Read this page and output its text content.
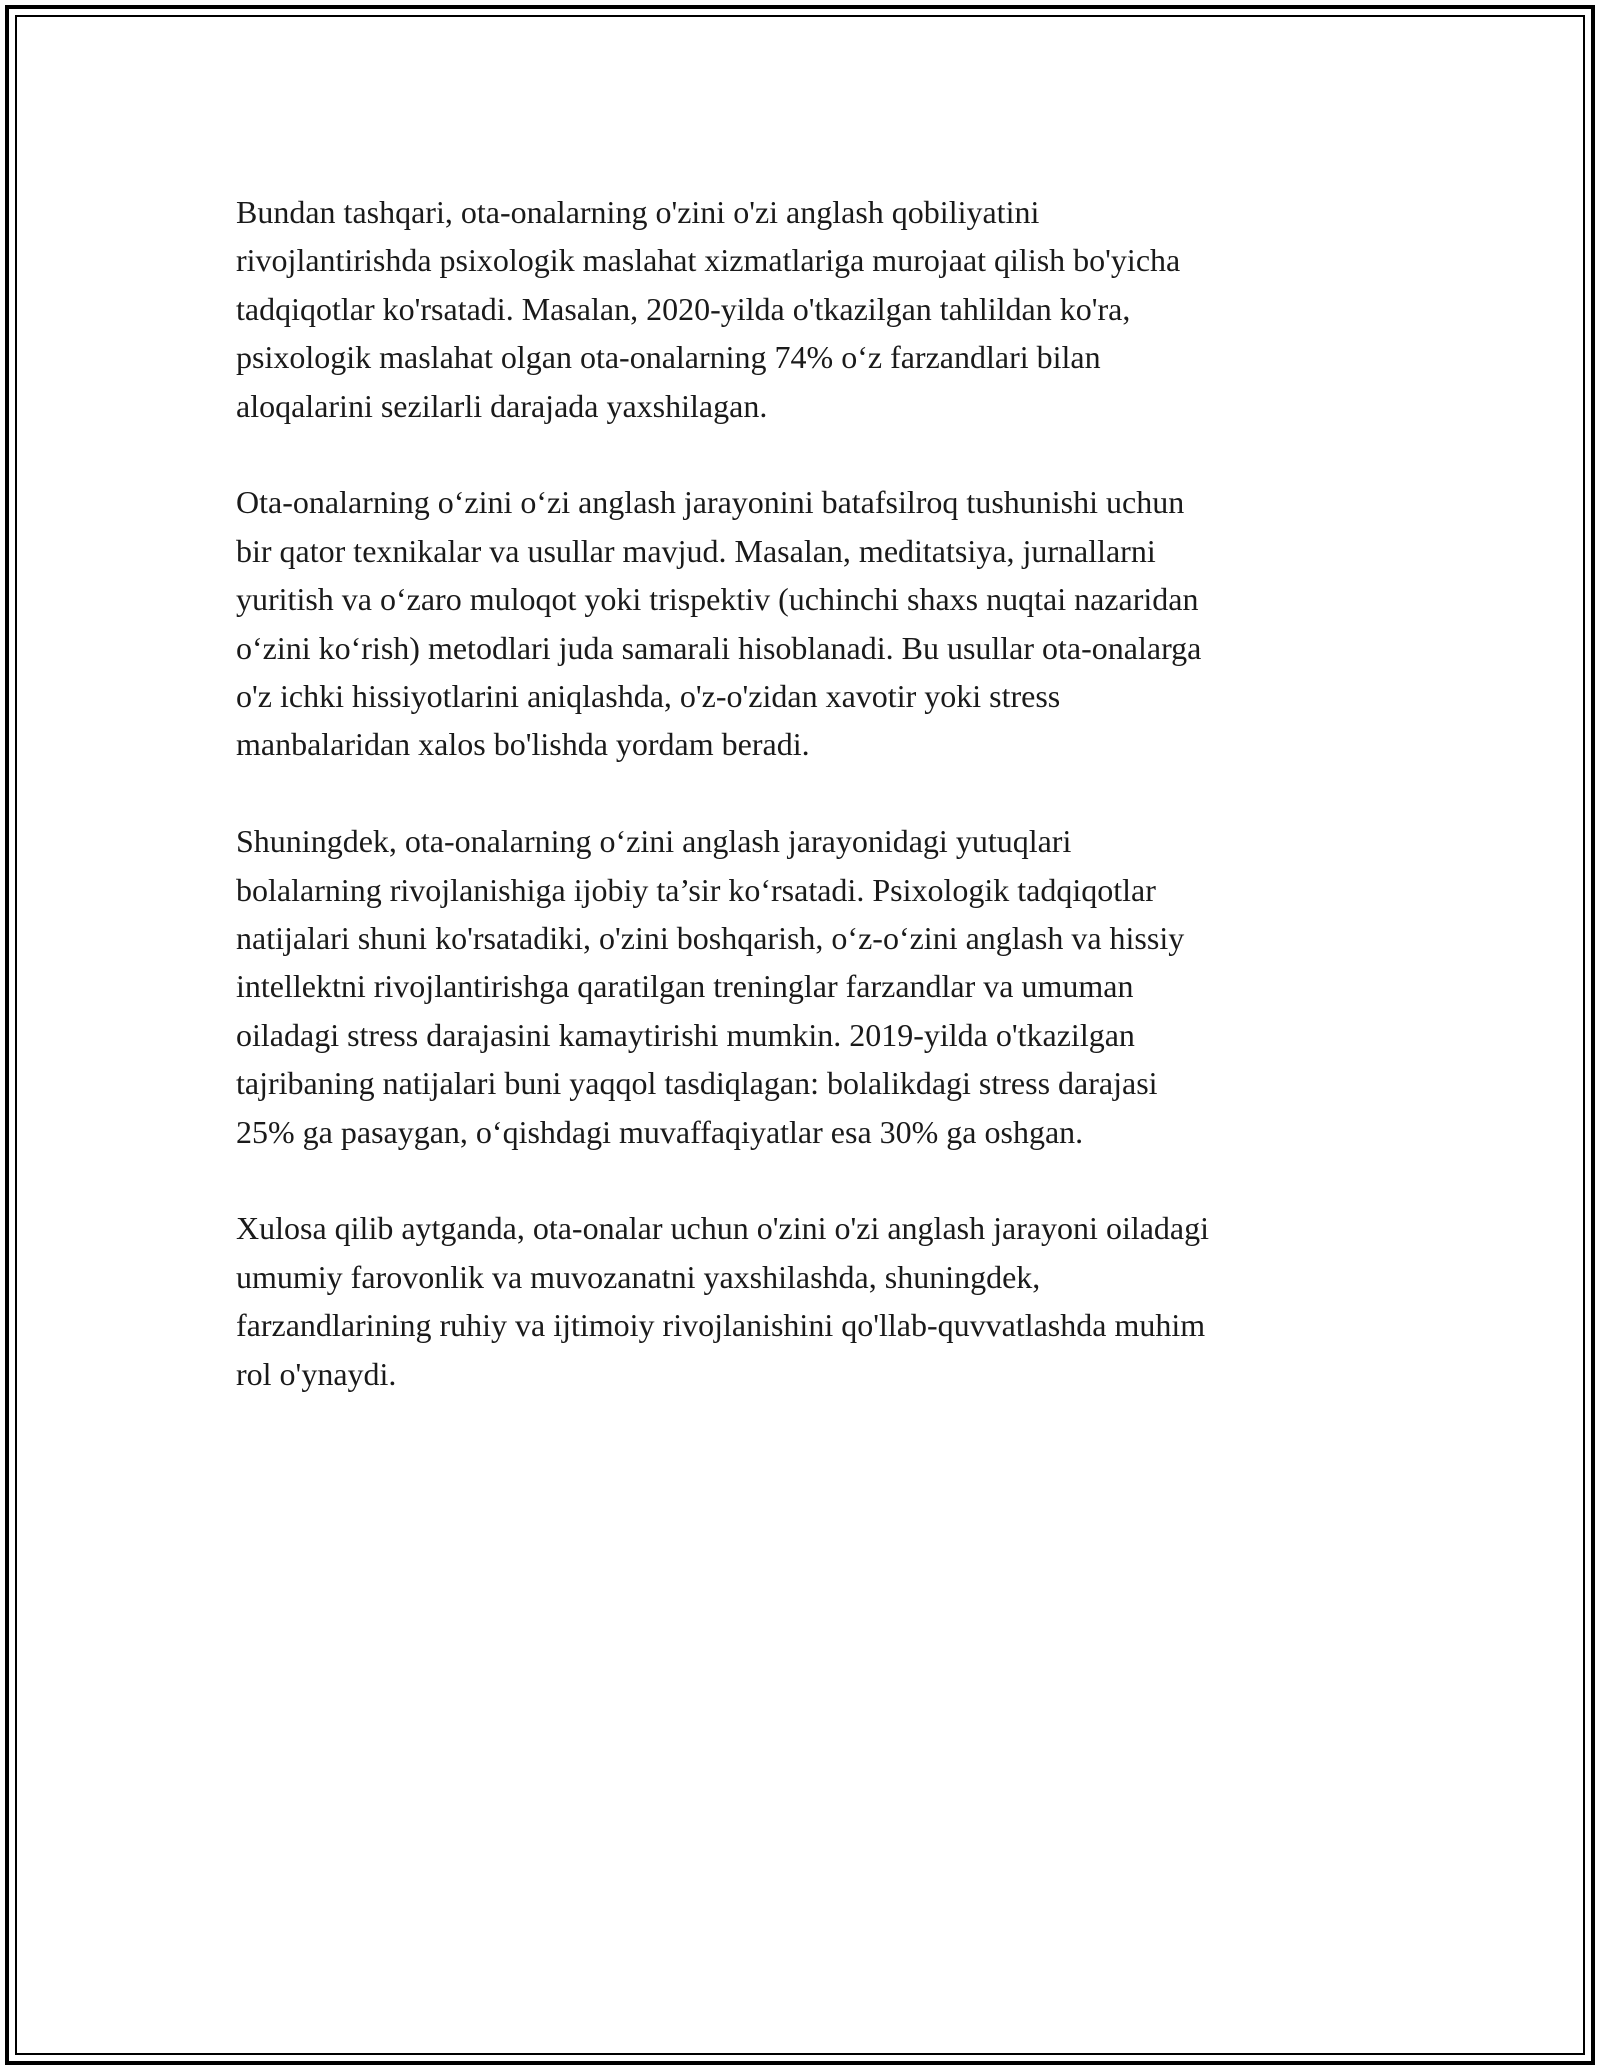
Bundan tashqari, ota-onalarning o'zini o'zi anglash qobiliyatini
rivojlantirishda psixologik maslahat xizmatlariga murojaat qilish bo'yicha
tadqiqotlar ko'rsatadi. Masalan, 2020-yilda o'tkazilgan tahlildan ko'ra,
psixologik maslahat olgan ota-onalarning 74% o‘z farzandlari bilan
aloqalarini sezilarli darajada yaxshilagan.

Ota-onalarning o‘zini o‘zi anglash jarayonini batafsilroq tushunishi uchun
bir qator texnikalar va usullar mavjud. Masalan, meditatsiya, jurnallarni
yuritish va o‘zaro muloqot yoki trispektiv (uchinchi shaxs nuqtai nazaridan
o‘zini ko‘rish) metodlari juda samarali hisoblanadi. Bu usullar ota-onalarga
o'z ichki hissiyotlarini aniqlashda, o'z-o'zidan xavotir yoki stress
manbalaridan xalos bo'lishda yordam beradi.

Shuningdek, ota-onalarning o‘zini anglash jarayonidagi yutuqlari
bolalarning rivojlanishiga ijobiy ta’sir ko‘rsatadi. Psixologik tadqiqotlar
natijalari shuni ko'rsatadiki, o'zini boshqarish, o‘z-o‘zini anglash va hissiy
intellektni rivojlantirishga qaratilgan treninglar farzandlar va umuman
oiladagi stress darajasini kamaytirishi mumkin. 2019-yilda o'tkazilgan
tajribaning natijalari buni yaqqol tasdiqlagan: bolalikdagi stress darajasi
25% ga pasaygan, o‘qishdagi muvaffaqiyatlar esa 30% ga oshgan.

Xulosa qilib aytganda, ota-onalar uchun o'zini o'zi anglash jarayoni oiladagi
umumiy farovonlik va muvozanatni yaxshilashda, shuningdek,
farzandlarining ruhiy va ijtimoiy rivojlanishini qo'llab-quvvatlashda muhim
rol o'ynaydi.
